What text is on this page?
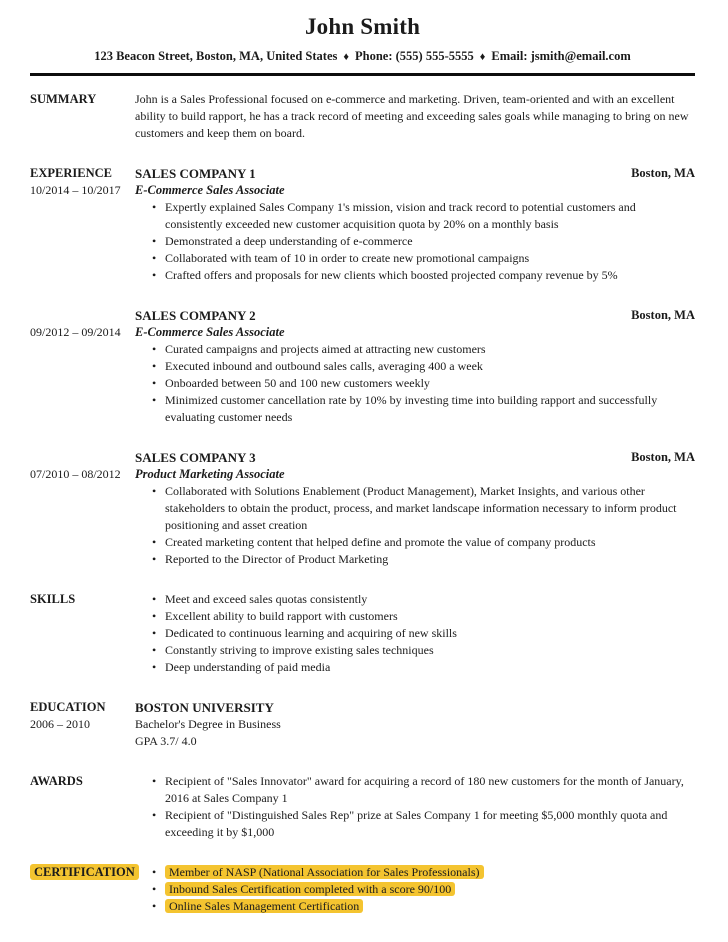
John Smith
123 Beacon Street, Boston, MA, United States ♦ Phone: (555) 555-5555 ♦ Email: jsmith@email.com
SUMMARY	John is a Sales Professional focused on e-commerce and marketing. Driven, team-oriented and with an excellent ability to build rapport, he has a track record of meeting and exceeding sales goals while managing to bring on new customers and keep them on board.
EXPERIENCE
10/2014 – 10/2017
SALES COMPANY 1	Boston, MA
E-Commerce Sales Associate
• Expertly explained Sales Company 1's mission, vision and track record to potential customers and consistently exceeded new customer acquisition quota by 20% on a monthly basis
• Demonstrated a deep understanding of e-commerce
• Collaborated with team of 10 in order to create new promotional campaigns
• Crafted offers and proposals for new clients which boosted projected company revenue by 5%
09/2012 – 09/2014
SALES COMPANY 2	Boston, MA
E-Commerce Sales Associate
• Curated campaigns and projects aimed at attracting new customers
• Executed inbound and outbound sales calls, averaging 400 a week
• Onboarded between 50 and 100 new customers weekly
• Minimized customer cancellation rate by 10% by investing time into building rapport and successfully evaluating customer needs
07/2010 – 08/2012
SALES COMPANY 3	Boston, MA
Product Marketing Associate
• Collaborated with Solutions Enablement (Product Management), Market Insights, and various other stakeholders to obtain the product, process, and market landscape information necessary to inform product positioning and asset creation
• Created marketing content that helped define and promote the value of company products
• Reported to the Director of Product Marketing
SKILLS	• Meet and exceed sales quotas consistently
• Excellent ability to build rapport with customers
• Dedicated to continuous learning and acquiring of new skills
• Constantly striving to improve existing sales techniques
• Deep understanding of paid media
EDUCATION
2006 – 2010
BOSTON UNIVERSITY
Bachelor's Degree in Business
GPA 3.7/ 4.0
AWARDS	• Recipient of "Sales Innovator" award for acquiring a record of 180 new customers for the month of January, 2016 at Sales Company 1
• Recipient of "Distinguished Sales Rep" prize at Sales Company 1 for meeting $5,000 monthly quota and exceeding it by $1,000
CERTIFICATION	• Member of NASP (National Association for Sales Professionals)
• Inbound Sales Certification completed with a score 90/100
• Online Sales Management Certification
